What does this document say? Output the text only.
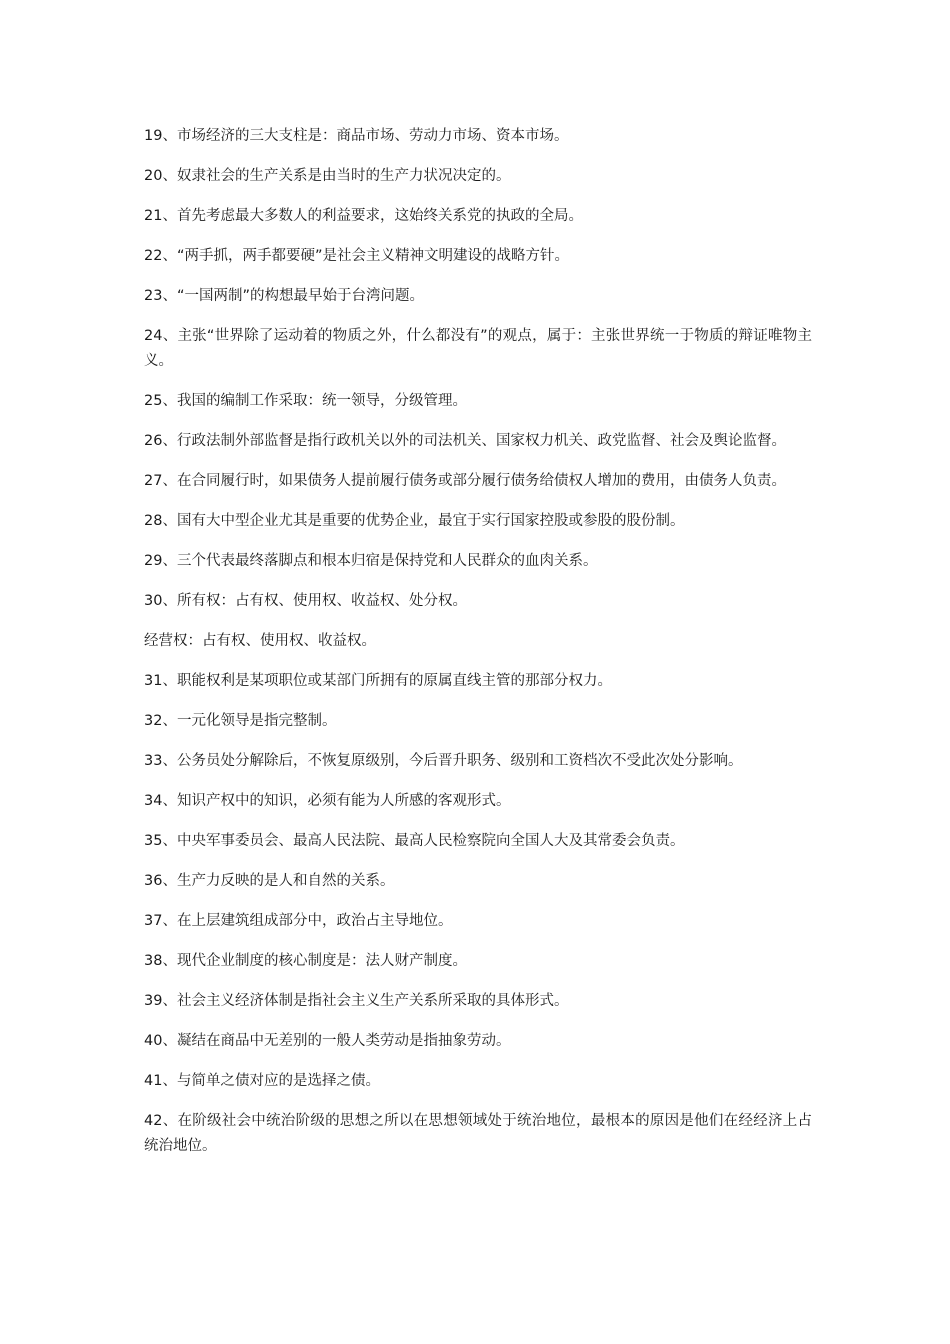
19、市场经济的三大支柱是：商品市场、劳动力市场、资本市场。

20、奴隶社会的生产关系是由当时的生产力状况决定的。

21、首先考虑最大多数人的利益要求，这始终关系党的执政的全局。

22、“两手抓，两手都要硬”是社会主义精神文明建设的战略方针。

23、“一国两制”的构想最早始于台湾问题。

24、主张“世界除了运动着的物质之外，什么都没有”的观点，属于：主张世界统一于物质的辩证唯物主义。

25、我国的编制工作采取：统一领导，分级管理。

26、行政法制外部监督是指行政机关以外的司法机关、国家权力机关、政党监督、社会及舆论监督。

27、在合同履行时，如果债务人提前履行债务或部分履行债务给债权人增加的费用，由债务人负责。

28、国有大中型企业尤其是重要的优势企业，最宜于实行国家控股或参股的股份制。

29、三个代表最终落脚点和根本归宿是保持党和人民群众的血肉关系。

30、所有权：占有权、使用权、收益权、处分权。

经营权：占有权、使用权、收益权。

31、职能权利是某项职位或某部门所拥有的原属直线主管的那部分权力。

32、一元化领导是指完整制。

33、公务员处分解除后，不恢复原级别，今后晋升职务、级别和工资档次不受此次处分影响。

34、知识产权中的知识，必须有能为人所感的客观形式。

35、中央军事委员会、最高人民法院、最高人民检察院向全国人大及其常委会负责。

36、生产力反映的是人和自然的关系。

37、在上层建筑组成部分中，政治占主导地位。

38、现代企业制度的核心制度是：法人财产制度。

39、社会主义经济体制是指社会主义生产关系所采取的具体形式。

40、凝结在商品中无差别的一般人类劳动是指抽象劳动。

41、与简单之债对应的是选择之债。

42、在阶级社会中统治阶级的思想之所以在思想领域处于统治地位，最根本的原因是他们在经经济上占统治地位。
